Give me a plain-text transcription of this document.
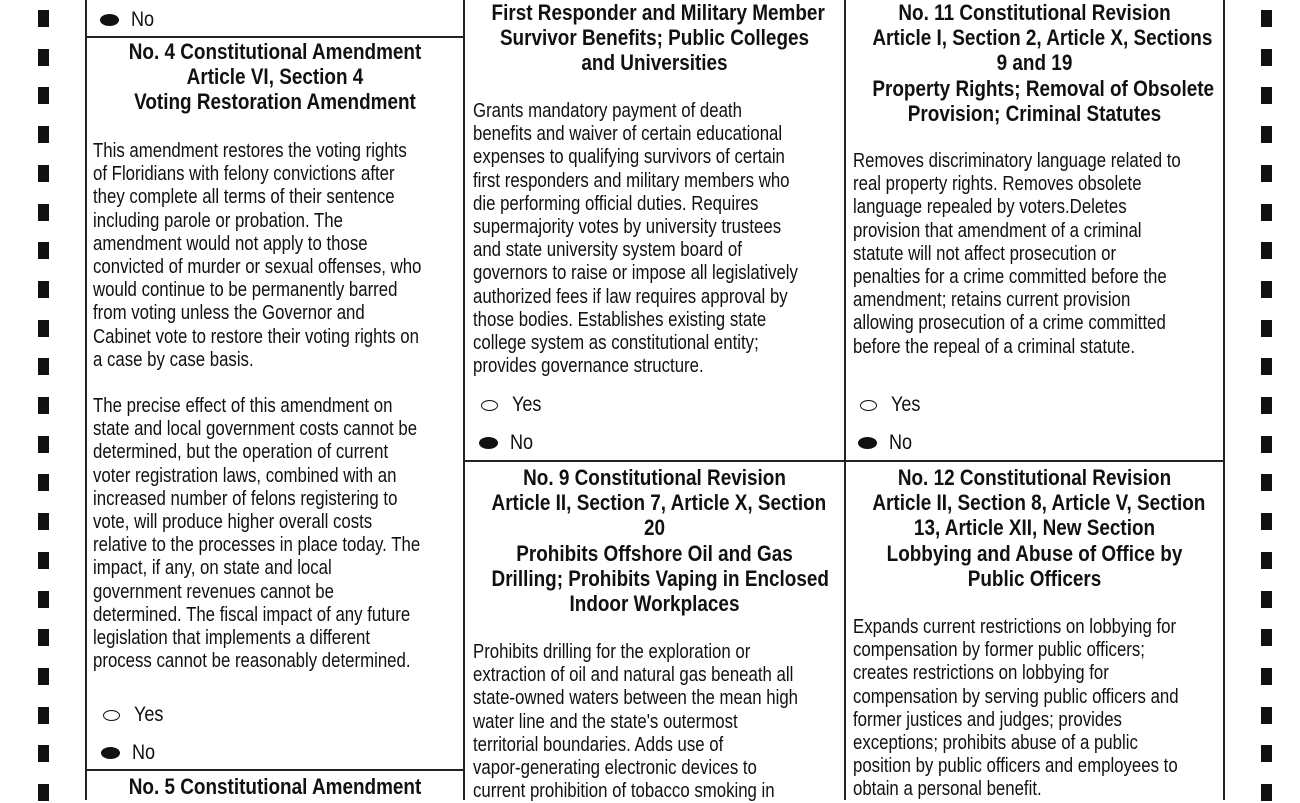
No
No. 4 Constitutional Amendment
Article VI, Section 4
Voting Restoration Amendment
This amendment restores the voting rights
of Floridians with felony convictions after
they complete all terms of their sentence
including parole or probation. The
amendment would not apply to those
convicted of murder or sexual offenses, who
would continue to be permanently barred
from voting unless the Governor and
Cabinet vote to restore their voting rights on
a case by case basis.
The precise effect of this amendment on
state and local government costs cannot be
determined, but the operation of current
voter registration laws, combined with an
increased number of felons registering to
vote, will produce higher overall costs
relative to the processes in place today. The
impact, if any, on state and local
government revenues cannot be
determined. The fiscal impact of any future
legislation that implements a different
process cannot be reasonably determined.
Yes
No
No. 5 Constitutional Amendment
First Responder and Military Member
Survivor Benefits; Public Colleges
and Universities
Grants mandatory payment of death
benefits and waiver of certain educational
expenses to qualifying survivors of certain
first responders and military members who
die performing official duties. Requires
supermajority votes by university trustees
and state university system board of
governors to raise or impose all legislatively
authorized fees if law requires approval by
those bodies. Establishes existing state
college system as constitutional entity;
provides governance structure.
Yes
No
No. 9 Constitutional Revision
Article II, Section 7, Article X, Section
20
Prohibits Offshore Oil and Gas
Drilling; Prohibits Vaping in Enclosed
Indoor Workplaces
Prohibits drilling for the exploration or
extraction of oil and natural gas beneath all
state-owned waters between the mean high
water line and the state's outermost
territorial boundaries. Adds use of
vapor-generating electronic devices to
current prohibition of tobacco smoking in
No. 11 Constitutional Revision
Article I, Section 2, Article X, Sections
9 and 19
Property Rights; Removal of Obsolete
Provision; Criminal Statutes
Removes discriminatory language related to
real property rights. Removes obsolete
language repealed by voters.Deletes
provision that amendment of a criminal
statute will not affect prosecution or
penalties for a crime committed before the
amendment; retains current provision
allowing prosecution of a crime committed
before the repeal of a criminal statute.
Yes
No
No. 12 Constitutional Revision
Article II, Section 8, Article V, Section
13, Article XII, New Section
Lobbying and Abuse of Office by
Public Officers
Expands current restrictions on lobbying for
compensation by former public officers;
creates restrictions on lobbying for
compensation by serving public officers and
former justices and judges; provides
exceptions; prohibits abuse of a public
position by public officers and employees to
obtain a personal benefit.
